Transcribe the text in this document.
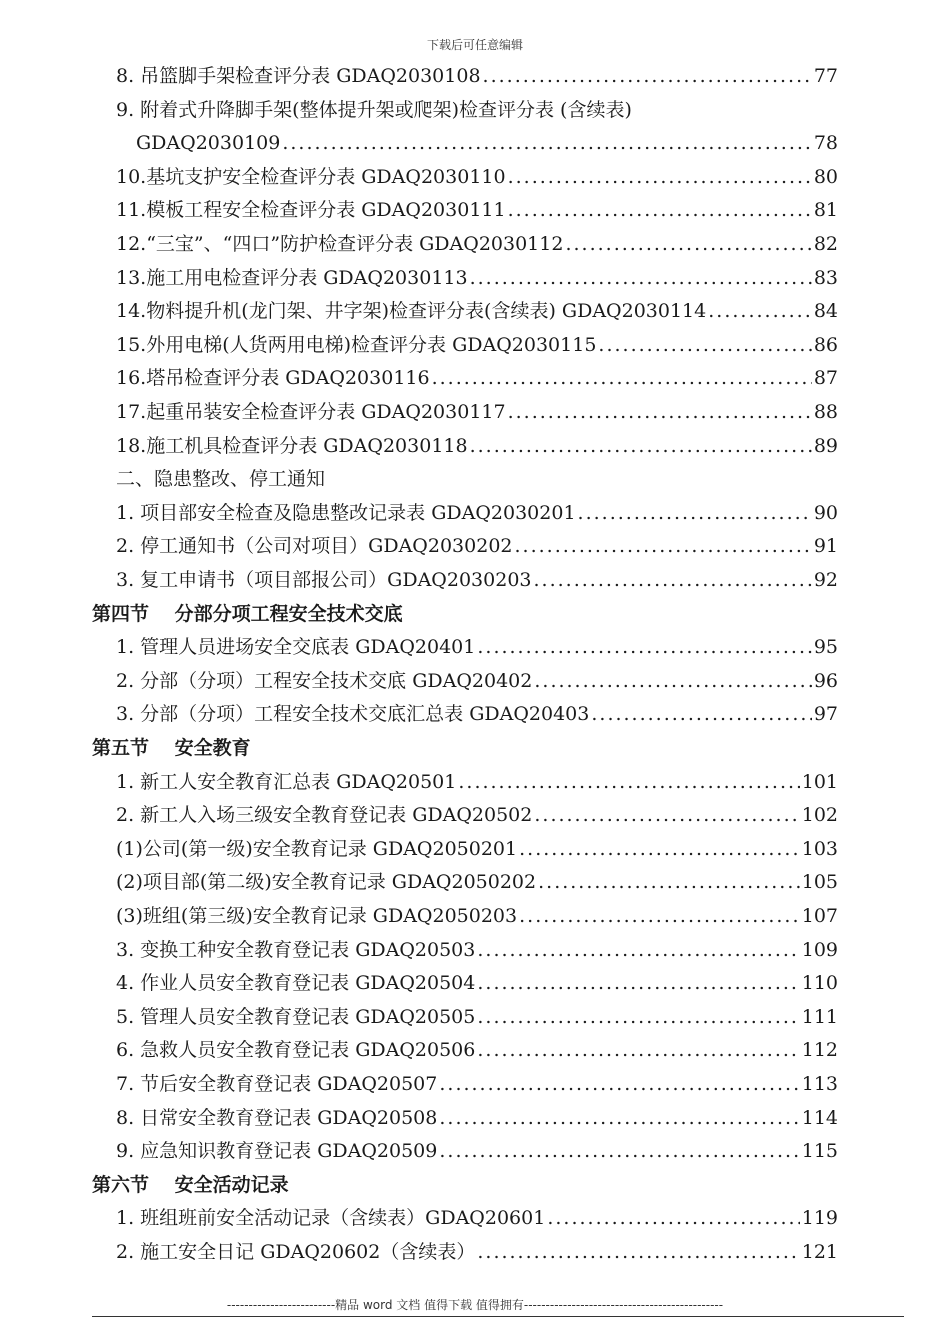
下载后可任意编辑
8. 吊篮脚手架检查评分表 GDAQ2030108 .....	77
9. 附着式升降脚手架(整体提升架或爬架)检查评分表 (含续表)
GDAQ2030109 .....	78
10.基坑支护安全检查评分表 GDAQ2030110 .....	80
11.模板工程安全检查评分表 GDAQ2030111 .....	81
12.“三宝”、“四口”防护检查评分表 GDAQ2030112 .....	82
13.施工用电检查评分表 GDAQ2030113 .....	83
14.物料提升机(龙门架、井字架)检查评分表(含续表) GDAQ2030114 .....	84
15.外用电梯(人货两用电梯)检查评分表 GDAQ2030115 .....	86
16.塔吊检查评分表 GDAQ2030116 .....	87
17.起重吊装安全检查评分表 GDAQ2030117 .....	88
18.施工机具检查评分表 GDAQ2030118 .....	89
二、隐患整改、停工通知
1. 项目部安全检查及隐患整改记录表 GDAQ2030201 .....	90
2. 停工通知书（公司对项目）GDAQ2030202 .....	91
3. 复工申请书（项目部报公司）GDAQ2030203 .....	92
第四节　 分部分项工程安全技术交底
1. 管理人员进场安全交底表 GDAQ20401 .....	95
2. 分部（分项）工程安全技术交底 GDAQ20402 .....	96
3. 分部（分项）工程安全技术交底汇总表 GDAQ20403 .....	97
第五节　 安全教育
1. 新工人安全教育汇总表 GDAQ20501 .....	101
2. 新工人入场三级安全教育登记表 GDAQ20502 .....	102
(1)公司(第一级)安全教育记录 GDAQ2050201 .....	103
(2)项目部(第二级)安全教育记录 GDAQ2050202 .....	105
(3)班组(第三级)安全教育记录 GDAQ2050203 .....	107
3. 变换工种安全教育登记表 GDAQ20503 .....	109
4. 作业人员安全教育登记表 GDAQ20504 .....	110
5. 管理人员安全教育登记表 GDAQ20505 .....	111
6. 急救人员安全教育登记表 GDAQ20506 .....	112
7. 节后安全教育登记表 GDAQ20507 .....	113
8. 日常安全教育登记表 GDAQ20508 .....	114
9. 应急知识教育登记表 GDAQ20509 .....	115
第六节　 安全活动记录
1. 班组班前安全活动记录（含续表）GDAQ20601 .....	119
2. 施工安全日记 GDAQ20602（含续表） .....	121
-------------------------精品 word 文档 值得下载 值得拥有----------------------------------------------
